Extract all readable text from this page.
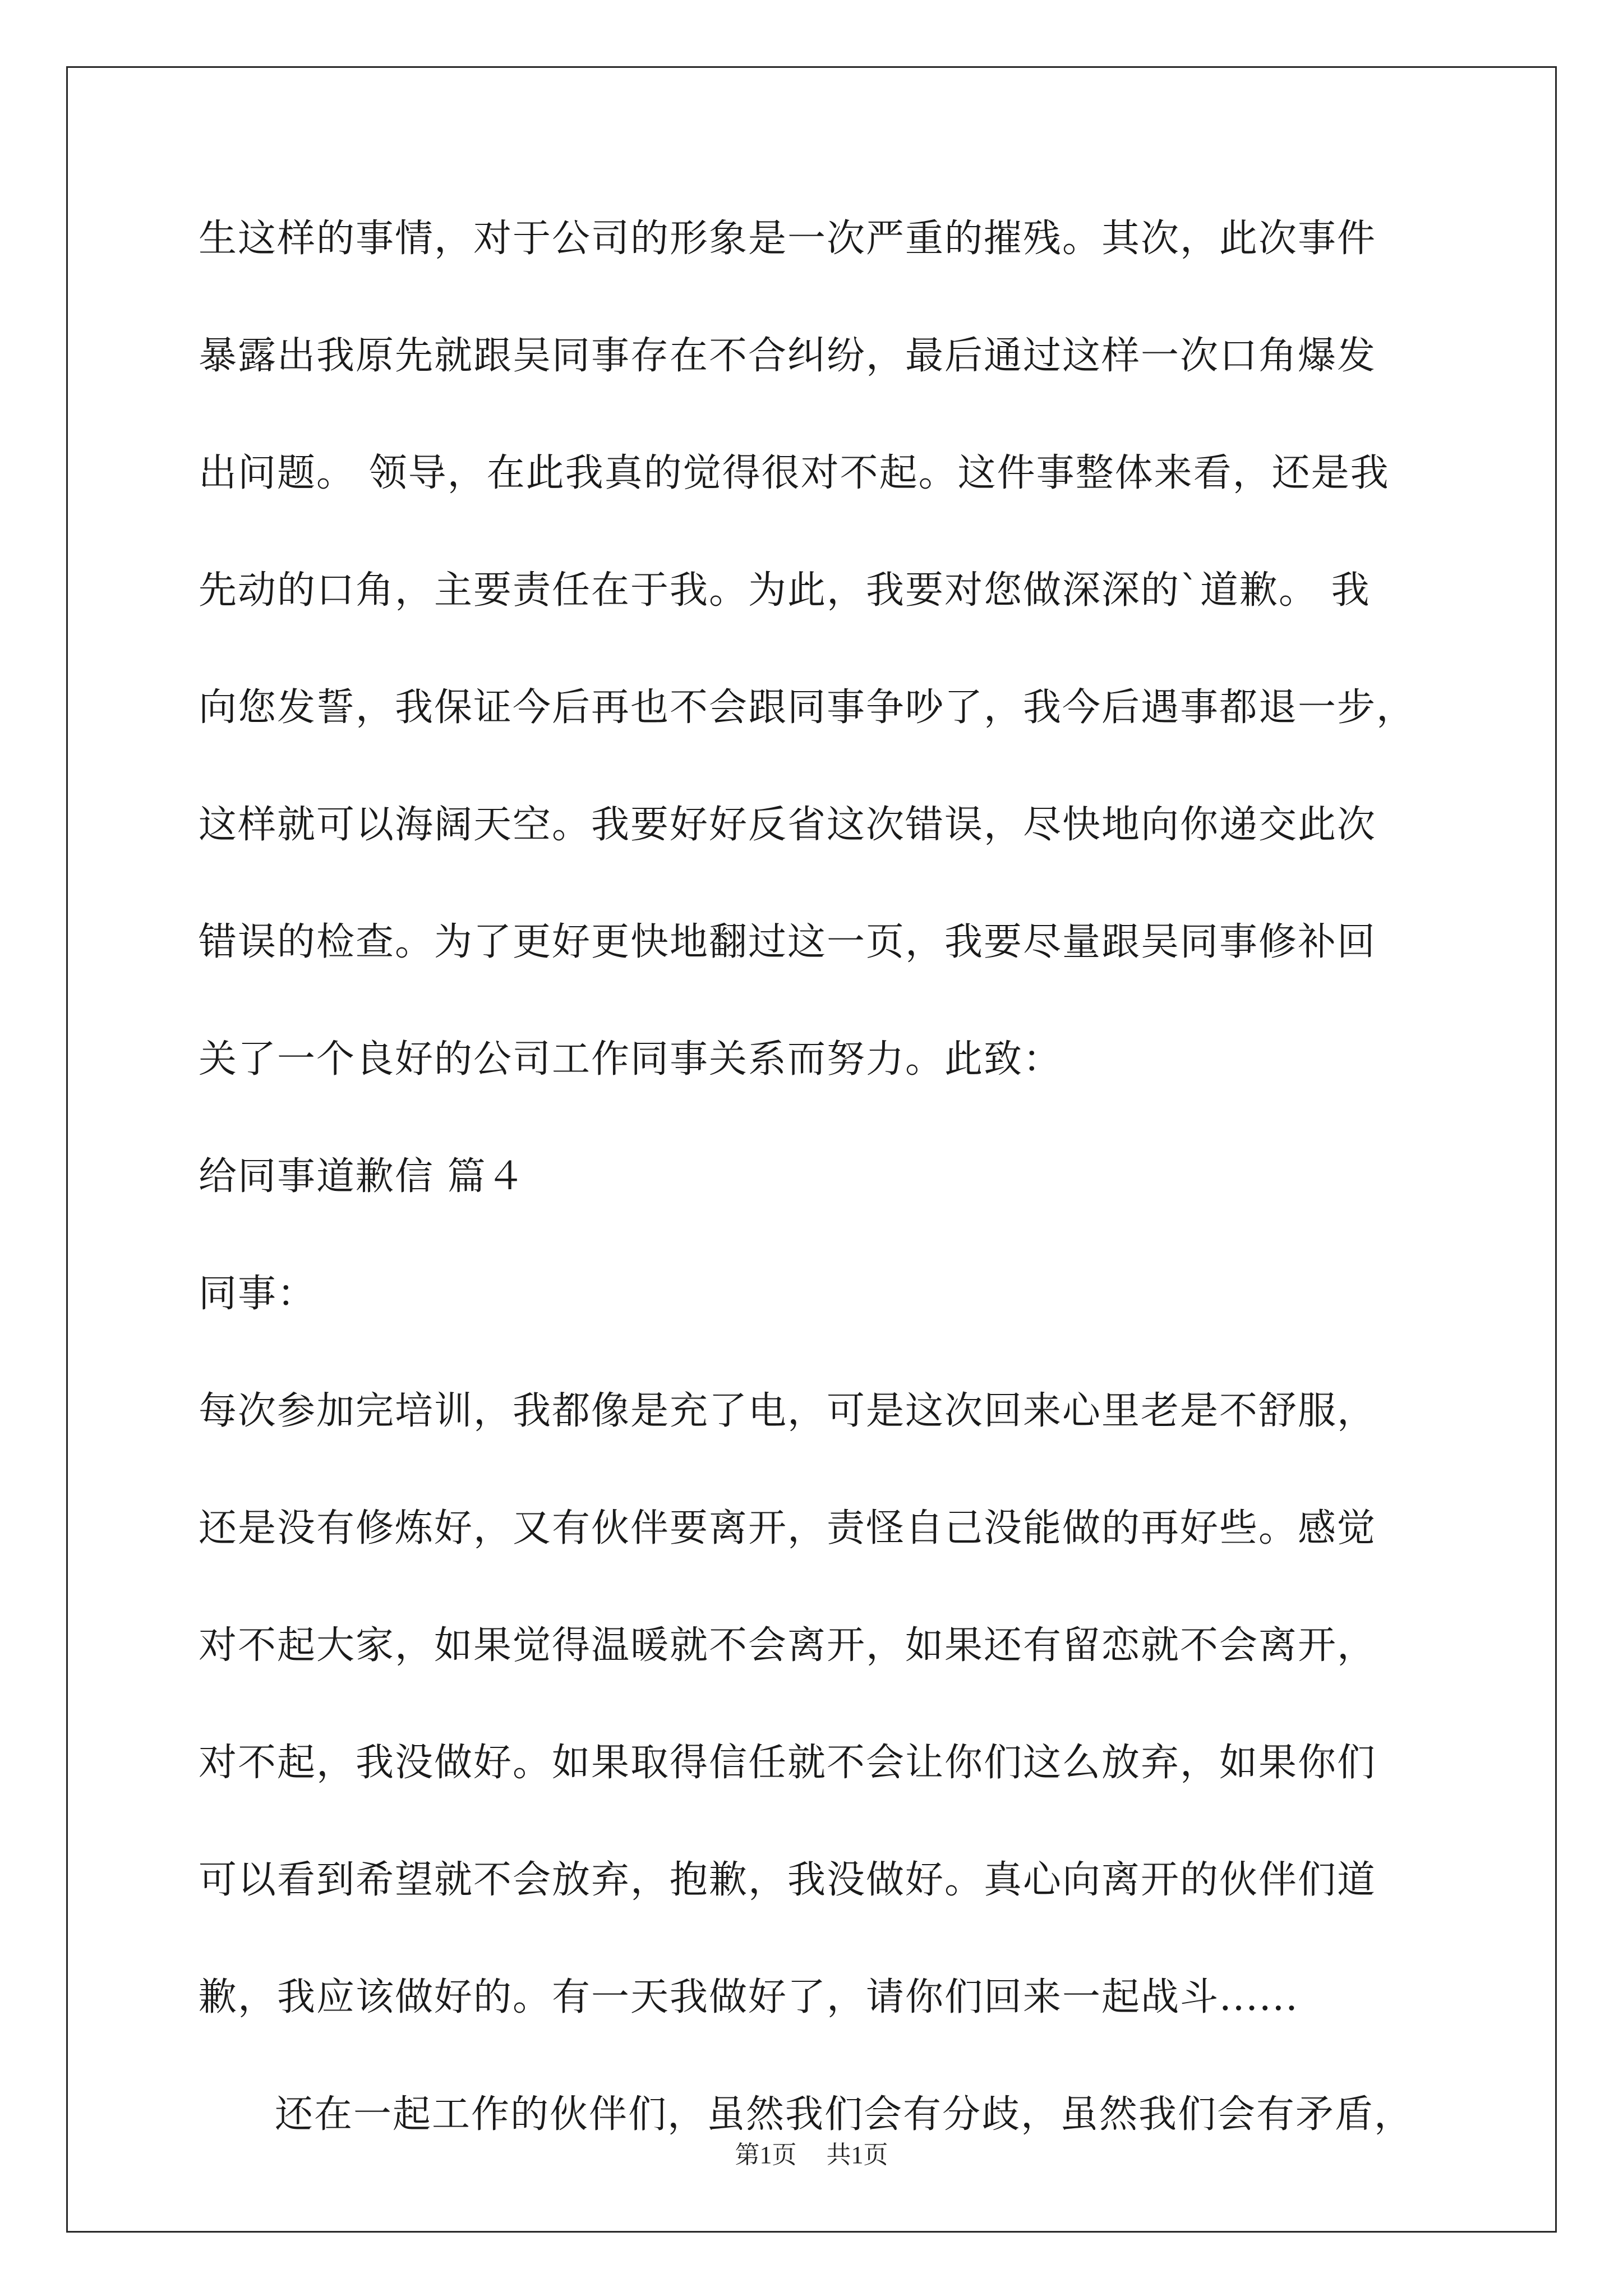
生这样的事情，对于公司的形象是一次严重的摧残。其次，此次事件

暴露出我原先就跟吴同事存在不合纠纷，最后通过这样一次口角爆发

出问题。 领导，在此我真的觉得很对不起。这件事整体来看，还是我

先动的口角，主要责任在于我。为此，我要对您做深深的`道歉。 我

向您发誓，我保证今后再也不会跟同事争吵了，我今后遇事都退一步，

这样就可以海阔天空。我要好好反省这次错误，尽快地向你递交此次

错误的检查。为了更好更快地翻过这一页，我要尽量跟吴同事修补回

关了一个良好的公司工作同事关系而努力。此致：

给同事道歉信 篇４

同事：

每次参加完培训，我都像是充了电，可是这次回来心里老是不舒服，

还是没有修炼好，又有伙伴要离开，责怪自己没能做的再好些。感觉

对不起大家，如果觉得温暖就不会离开，如果还有留恋就不会离开，

对不起，我没做好。如果取得信任就不会让你们这么放弃，如果你们

可以看到希望就不会放弃，抱歉，我没做好。真心向离开的伙伴们道

歉，我应该做好的。有一天我做好了，请你们回来一起战斗......

还在一起工作的伙伴们，虽然我们会有分歧，虽然我们会有矛盾，

第1页 共1页
